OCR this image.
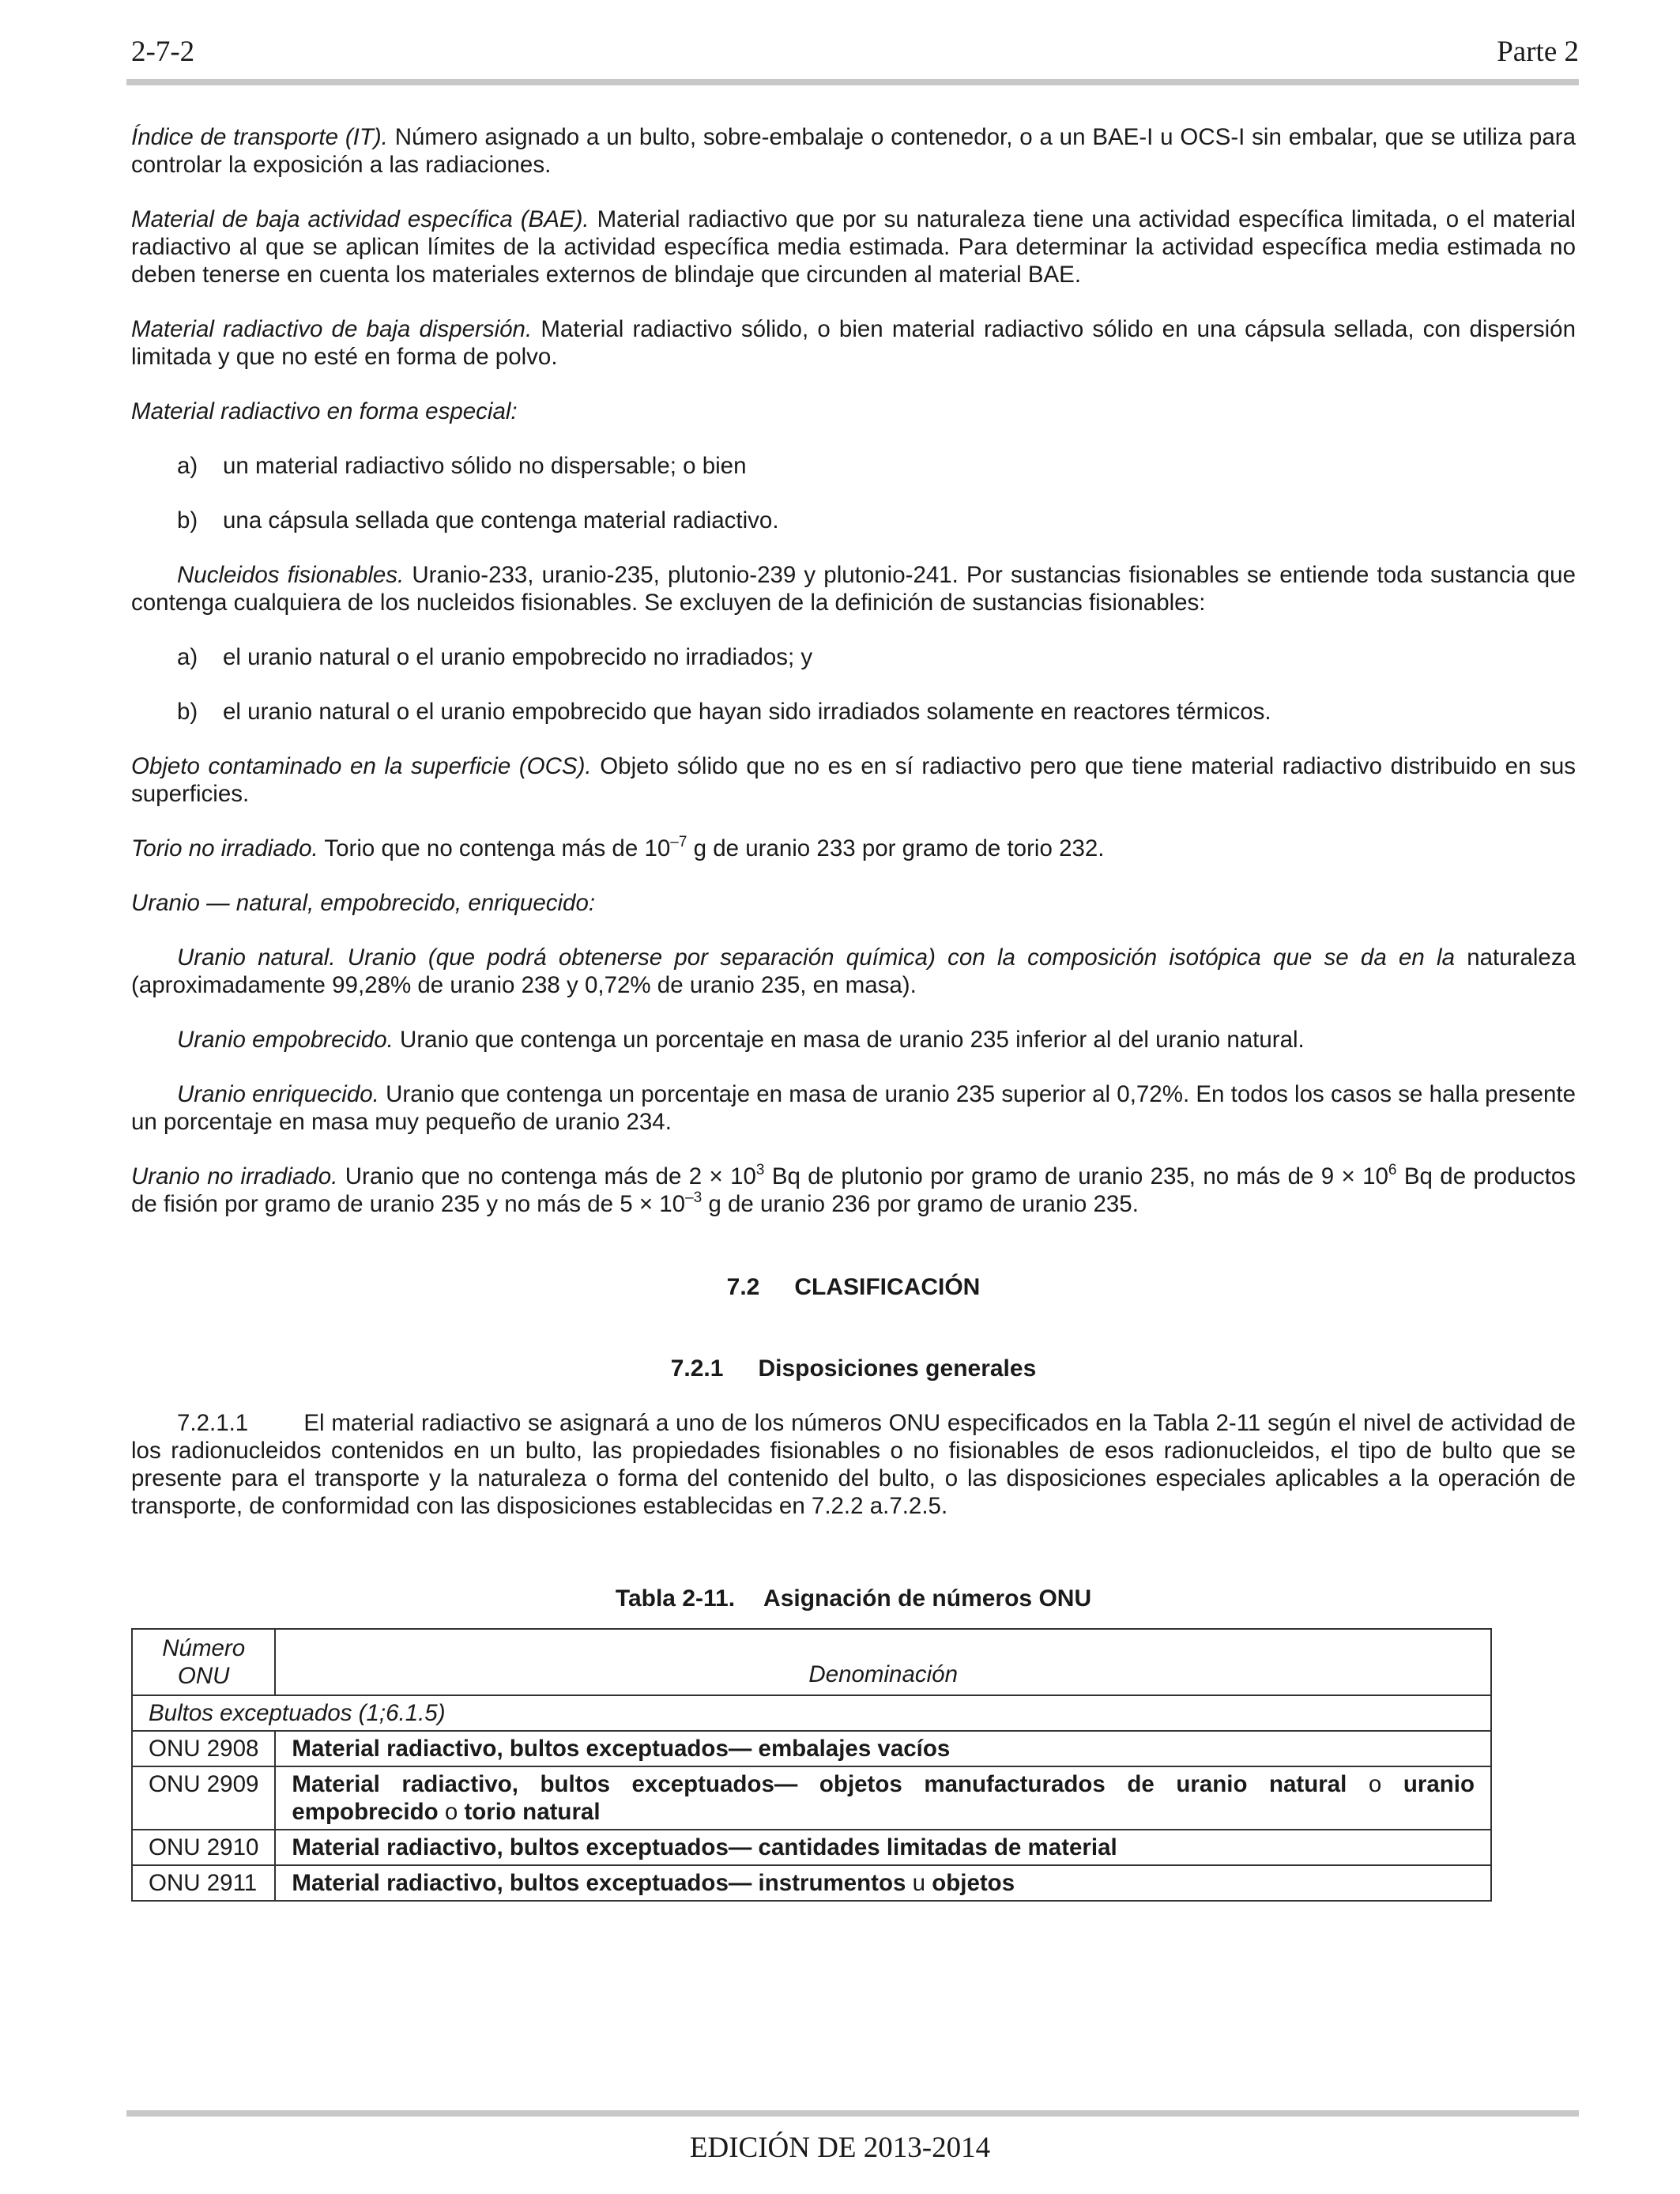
2-7-2	Parte 2

Índice de transporte (IT). Número asignado a un bulto, sobre-embalaje o contenedor, o a un BAE-I u OCS-I sin embalar, que se utiliza para controlar la exposición a las radiaciones.

Material de baja actividad específica (BAE). Material radiactivo que por su naturaleza tiene una actividad específica limitada, o el material radiactivo al que se aplican límites de la actividad específica media estimada. Para determinar la actividad específica media estimada no deben tenerse en cuenta los materiales externos de blindaje que circunden al material BAE.

Material radiactivo de baja dispersión. Material radiactivo sólido, o bien material radiactivo sólido en una cápsula sellada, con dispersión limitada y que no esté en forma de polvo.

Material radiactivo en forma especial:

a)	un material radiactivo sólido no dispersable; o bien
b)	una cápsula sellada que contenga material radiactivo.

Nucleidos fisionables. Uranio-233, uranio-235, plutonio-239 y plutonio-241. Por sustancias fisionables se entiende toda sustancia que contenga cualquiera de los nucleidos fisionables. Se excluyen de la definición de sustancias fisionables:

a)	el uranio natural o el uranio empobrecido no irradiados; y
b)	el uranio natural o el uranio empobrecido que hayan sido irradiados solamente en reactores térmicos.

Objeto contaminado en la superficie (OCS). Objeto sólido que no es en sí radiactivo pero que tiene material radiactivo distribuido en sus superficies.

Torio no irradiado. Torio que no contenga más de $10^{-7}$ g de uranio 233 por gramo de torio 232.

Uranio — natural, empobrecido, enriquecido:

Uranio natural. Uranio (que podrá obtenerse por separación química) con la composición isotópica que se da en la naturaleza (aproximadamente 99,28% de uranio 238 y 0,72% de uranio 235, en masa).

Uranio empobrecido. Uranio que contenga un porcentaje en masa de uranio 235 inferior al del uranio natural.

Uranio enriquecido. Uranio que contenga un porcentaje en masa de uranio 235 superior al 0,72%. En todos los casos se halla presente un porcentaje en masa muy pequeño de uranio 234.

Uranio no irradiado. Uranio que no contenga más de $2 \times 10^3$ Bq de plutonio por gramo de uranio 235, no más de $9 \times 10^6$ Bq de productos de fisión por gramo de uranio 235 y no más de $5 \times 10^{-3}$ g de uranio 236 por gramo de uranio 235.

7.2 CLASIFICACIÓN
7.2.1 Disposiciones generales

7.2.1.1        El material radiactivo se asignará a uno de los números ONU especificados en la Tabla 2-11 según el nivel de actividad de los radionucleidos contenidos en un bulto, las propiedades fisionables o no fisionables de esos radionucleidos, el tipo de bulto que se presente para el transporte y la naturaleza o forma del contenido del bulto, o las disposiciones especiales aplicables a la operación de transporte, de conformidad con las disposiciones establecidas en 7.2.2 a.7.2.5.

Tabla 2-11. Asignación de números ONU
Número ONU	Denominación
Bultos exceptuados (1;6.1.5)	
ONU 2908	Material radiactivo, bultos exceptuados— embalajes vacíos
ONU 2909	Material radiactivo, bultos exceptuados— objetos manufacturados de uranio natural o uranio empobrecido o torio natural
ONU 2910	Material radiactivo, bultos exceptuados— cantidades limitadas de material
ONU 2911	Material radiactivo, bultos exceptuados— instrumentos u objetos
EDICIÓN DE 2013-2014
